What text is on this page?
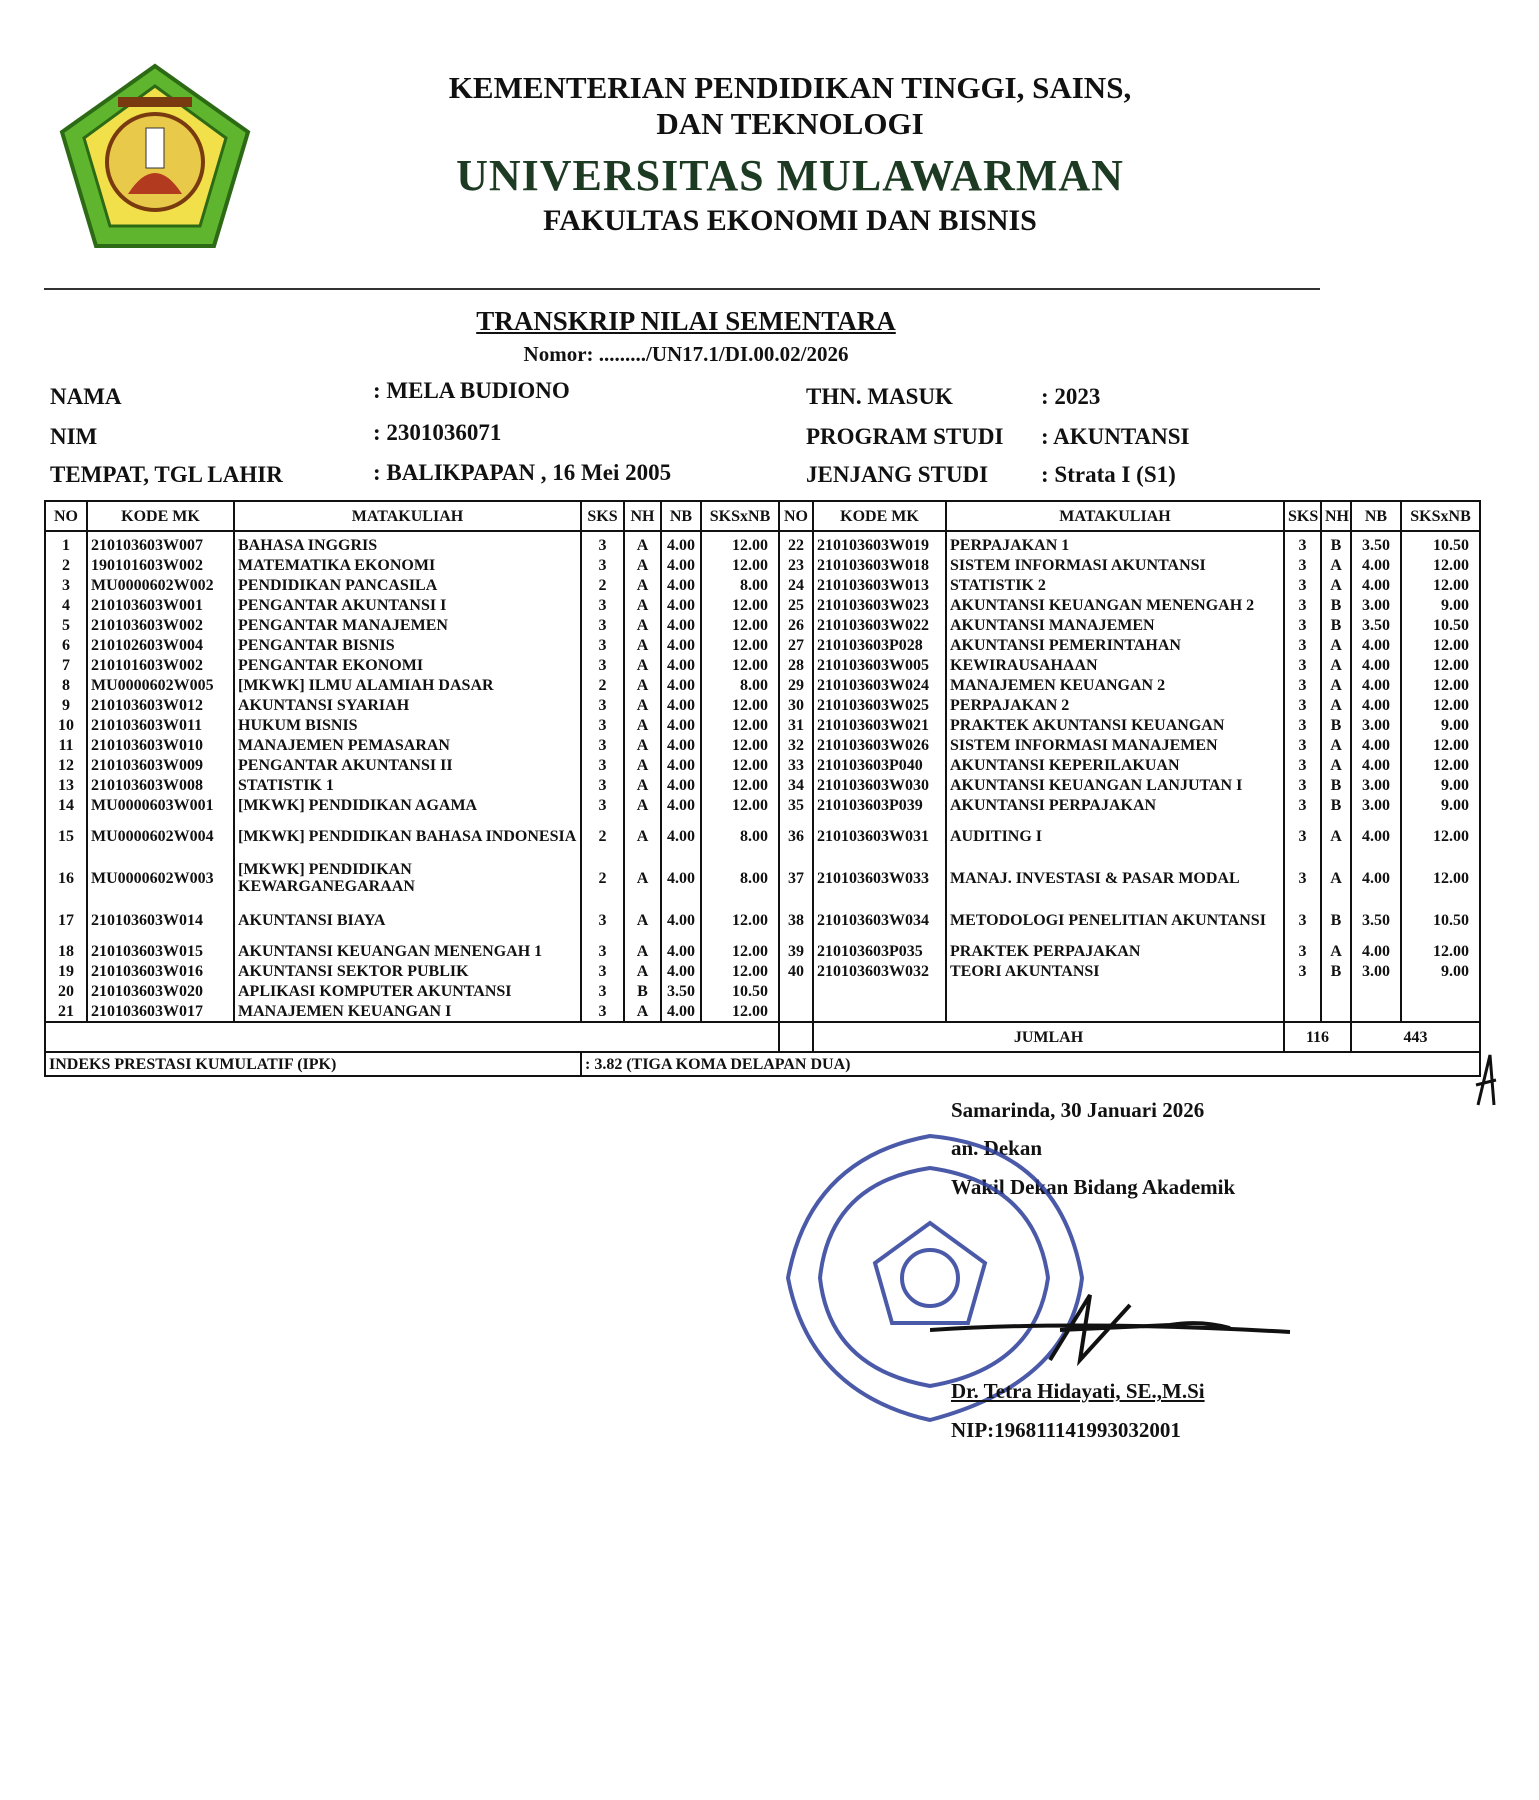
KEMENTERIAN PENDIDIKAN TINGGI, SAINS,
DAN TEKNOLOGI
UNIVERSITAS MULAWARMAN
FAKULTAS EKONOMI DAN BISNIS
TRANSKRIP NILAI SEMENTARA
Nomor: ........./UN17.1/DI.00.02/2026
NAMA	: MELA BUDIONO
NIM	: 2301036071
TEMPAT, TGL LAHIR	: BALIKPAPAN , 16 Mei 2005
THN. MASUK	: 2023
PROGRAM STUDI : AKUNTANSI
JENJANG STUDI : Strata I (S1)
NO	KODE MK	MATAKULIAH	SKS	NH	NB	SKSxNB	NO	KODE MK	MATAKULIAH	SKS	NH	NB	SKSxNB
1	210103603W007	BAHASA INGGRIS	3	A	4.00	12.00	22	210103603W019	PERPAJAKAN 1	3	B	3.50	10.50
2	190101603W002	MATEMATIKA EKONOMI	3	A	4.00	12.00	23	210103603W018	SISTEM INFORMASI AKUNTANSI	3	A	4.00	12.00
3	MU0000602W002	PENDIDIKAN PANCASILA	2	A	4.00	8.00	24	210103603W013	STATISTIK 2	3	A	4.00	12.00
4	210103603W001	PENGANTAR AKUNTANSI I	3	A	4.00	12.00	25	210103603W023	AKUNTANSI KEUANGAN MENENGAH 2	3	B	3.00	9.00
5	210103603W002	PENGANTAR MANAJEMEN	3	A	4.00	12.00	26	210103603W022	AKUNTANSI MANAJEMEN	3	B	3.50	10.50
6	210102603W004	PENGANTAR BISNIS	3	A	4.00	12.00	27	210103603P028	AKUNTANSI PEMERINTAHAN	3	A	4.00	12.00
7	210101603W002	PENGANTAR EKONOMI	3	A	4.00	12.00	28	210103603W005	KEWIRAUSAHAAN	3	A	4.00	12.00
8	MU0000602W005	[MKWK] ILMU ALAMIAH DASAR	2	A	4.00	8.00	29	210103603W024	MANAJEMEN KEUANGAN 2	3	A	4.00	12.00
9	210103603W012	AKUNTANSI SYARIAH	3	A	4.00	12.00	30	210103603W025	PERPAJAKAN 2	3	A	4.00	12.00
10	210103603W011	HUKUM BISNIS	3	A	4.00	12.00	31	210103603W021	PRAKTEK AKUNTANSI KEUANGAN	3	B	3.00	9.00
11	210103603W010	MANAJEMEN PEMASARAN	3	A	4.00	12.00	32	210103603W026	SISTEM INFORMASI MANAJEMEN	3	A	4.00	12.00
12	210103603W009	PENGANTAR AKUNTANSI II	3	A	4.00	12.00	33	210103603P040	AKUNTANSI KEPERILAKUAN	3	A	4.00	12.00
13	210103603W008	STATISTIK 1	3	A	4.00	12.00	34	210103603W030	AKUNTANSI KEUANGAN LANJUTAN I	3	B	3.00	9.00
14	MU0000603W001	[MKWK] PENDIDIKAN AGAMA	3	A	4.00	12.00	35	210103603P039	AKUNTANSI PERPAJAKAN	3	B	3.00	9.00
15	MU0000602W004	[MKWK] PENDIDIKAN BAHASA INDONESIA	2	A	4.00	8.00	36	210103603W031	AUDITING I	3	A	4.00	12.00
16	MU0000602W003	[MKWK] PENDIDIKAN KEWARGANEGARAAN	2	A	4.00	8.00	37	210103603W033	MANAJ. INVESTASI & PASAR MODAL	3	A	4.00	12.00
17	210103603W014	AKUNTANSI BIAYA	3	A	4.00	12.00	38	210103603W034	METODOLOGI PENELITIAN AKUNTANSI	3	B	3.50	10.50
18	210103603W015	AKUNTANSI KEUANGAN MENENGAH 1	3	A	4.00	12.00	39	210103603P035	PRAKTEK PERPAJAKAN	3	A	4.00	12.00
19	210103603W016	AKUNTANSI SEKTOR PUBLIK	3	A	4.00	12.00	40	210103603W032	TEORI AKUNTANSI	3	B	3.00	9.00
20	210103603W020	APLIKASI KOMPUTER AKUNTANSI	3	B	3.50	10.50							
21	210103603W017	MANAJEMEN KEUANGAN I	3	A	4.00	12.00							
								JUMLAH		116		443	
INDEKS PRESTASI KUMULATIF (IPK)			: 3.82 (TIGA KOMA DELAPAN DUA)										
Samarinda, 30 Januari 2026
an. Dekan
Wakil Dekan Bidang Akademik
Dr. Tetra Hidayati, SE.,M.Si
NIP:196811141993032001
